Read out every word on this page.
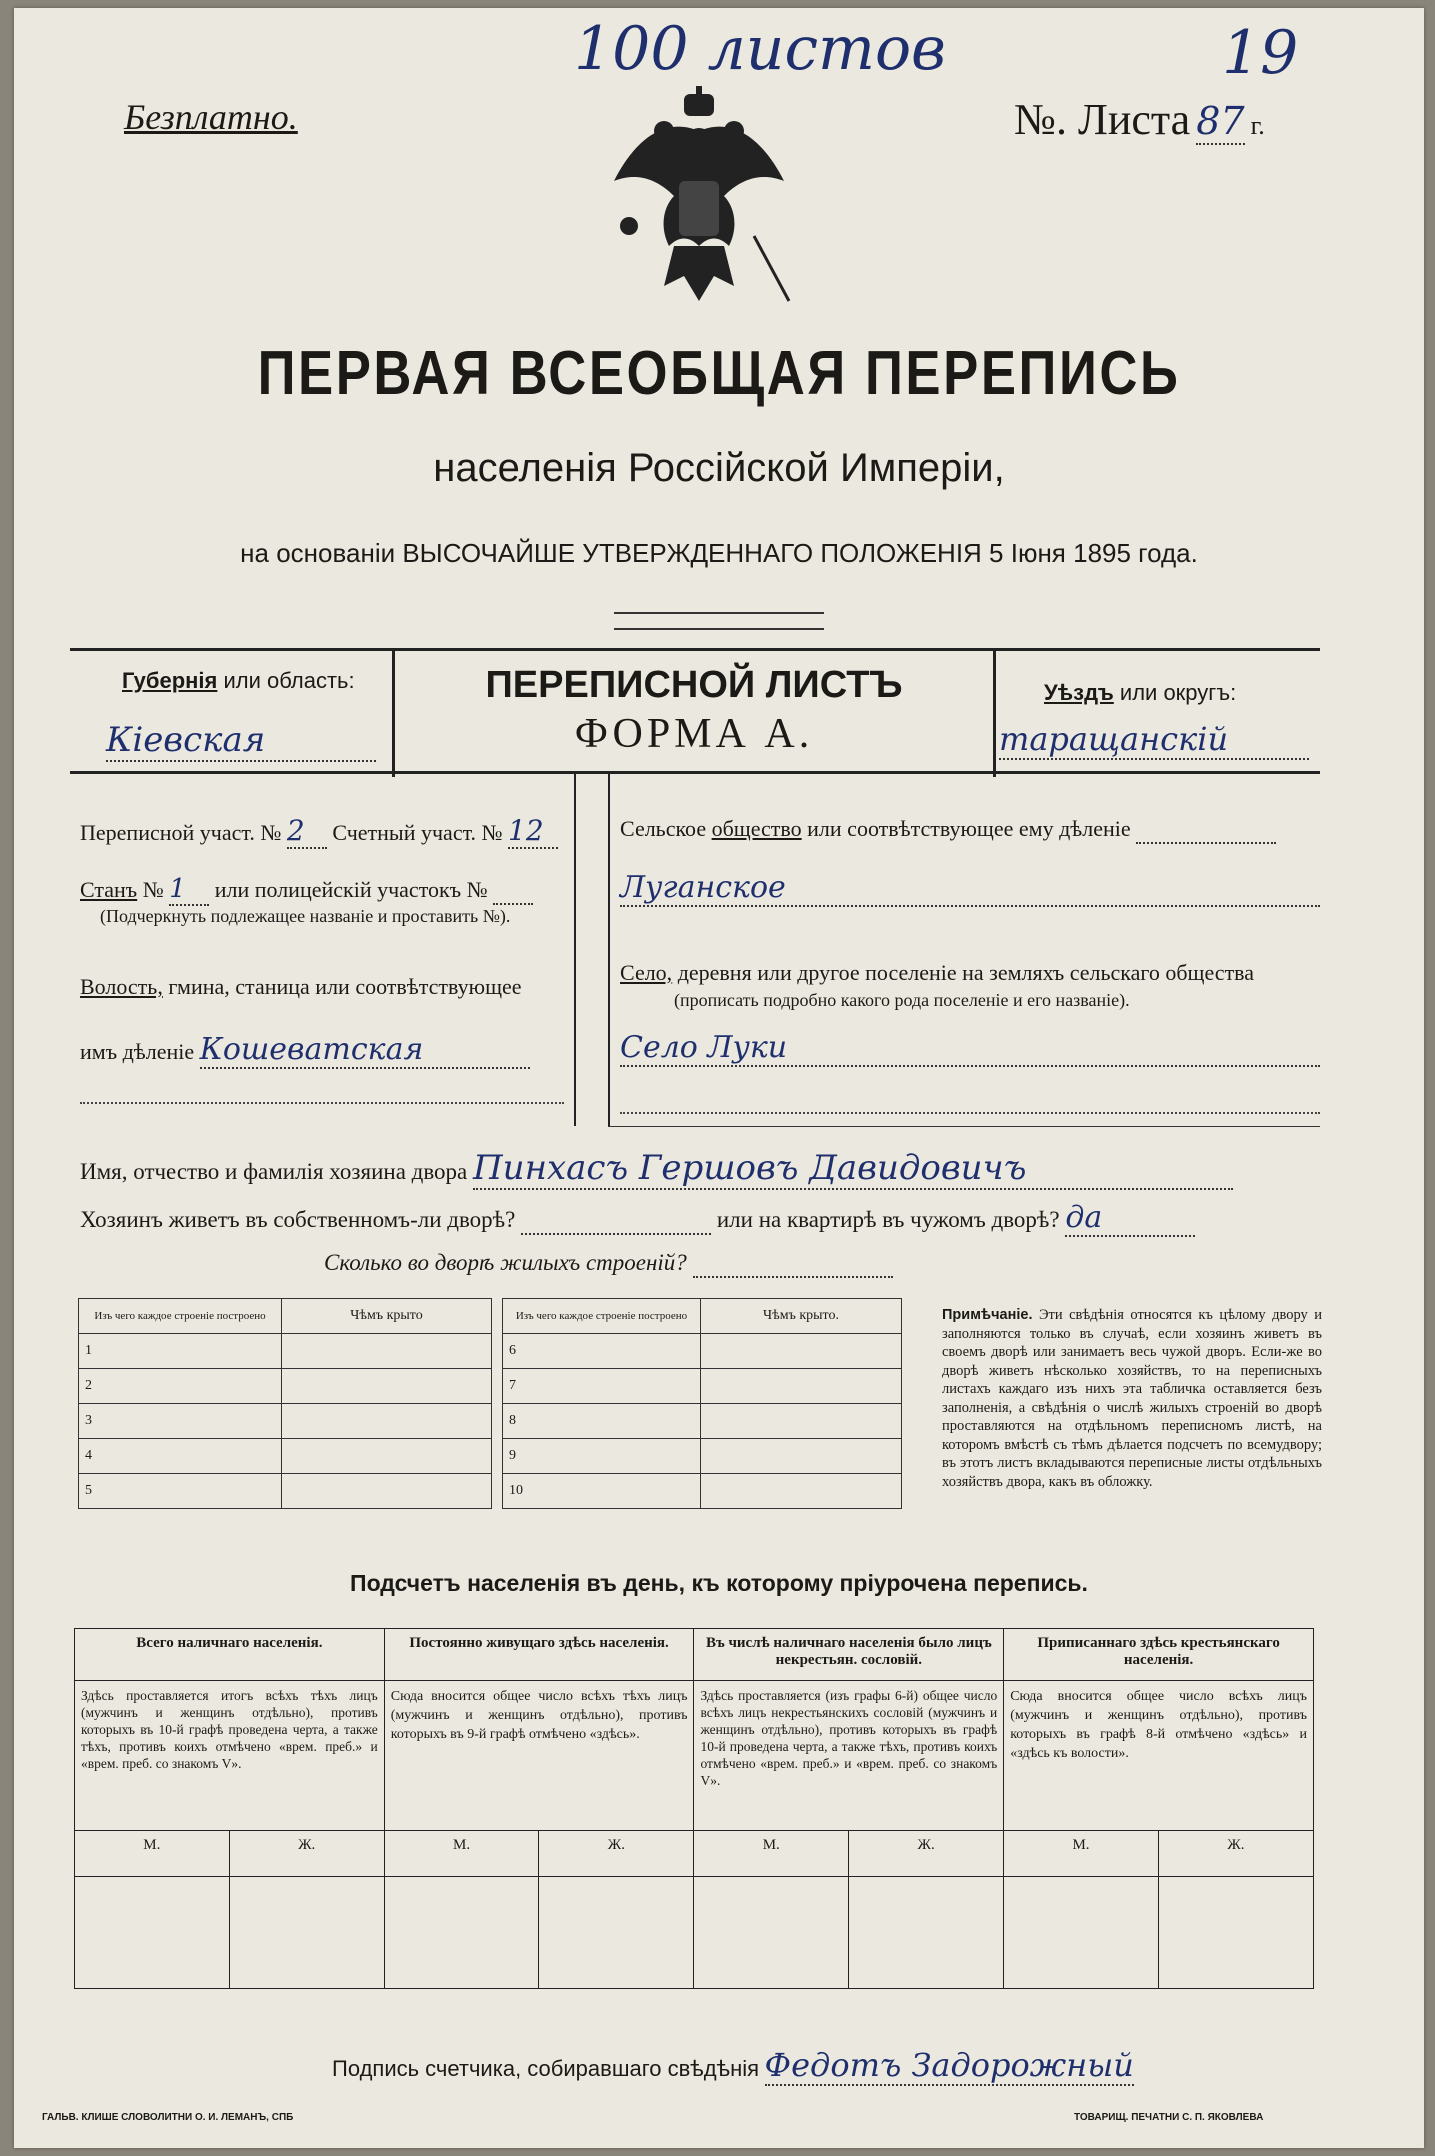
100 листов	19
Безплатно.	№. Листа 87 г.
ПЕРВАЯ ВСЕОБЩАЯ ПЕРЕПИСЬ
населенія Россійской Имперіи,
на основаніи ВЫСОЧАЙШЕ УТВЕРЖДЕННАГО ПОЛОЖЕНІЯ 5 Іюня 1895 года.
Губернія или область:
Кіевская
ПЕРЕПИСНОЙ ЛИСТЪ
ФОРМА А.
Уѣздъ или округъ:
таращанскій
Переписной участ. № 2 Счетный участ. № 12
Станъ № 1 или полицейскій участокъ №
(Подчеркнуть подлежащее названіе и проставить №).
Волость, гмина, станица или соотвѣтствующее
имъ дѣленіе Кошеватская
Сельское общество или соотвѣтствующее ему дѣленіе
Луганское
Село, деревня или другое поселеніе на земляхъ сельскаго общества
(прописать подробно какого рода поселеніе и его названіе).
Село Луки
Имя, отчество и фамилія хозяина двора Пинхасъ Гершовъ Давидовичъ
Хозяинъ живетъ въ собственномъ-ли дворѣ?	или на квартирѣ въ чужомъ дворѣ? да
Сколько во дворѣ жилыхъ строеній?
Изъ чего каждое строеніе построено	Чѣмъ крыто
1	
2	
3	
4	
5	
Изъ чего каждое строеніе построено	Чѣмъ крыто.
6	
7	
8	
9	
10	
Примѣчаніе. Эти свѣдѣнія относятся къ цѣлому двору и заполняются только въ случаѣ, если хозяинъ живетъ въ своемъ дворѣ или занимаетъ весь чужой дворъ. Если-же во дворѣ живетъ нѣсколько хозяйствъ, то на переписныхъ листахъ каждаго изъ нихъ эта табличка оставляется безъ заполненія, а свѣдѣнія о числѣ жилыхъ строеній во дворѣ проставляются на отдѣльномъ переписномъ листѣ, на которомъ вмѣстѣ съ тѣмъ дѣлается подсчетъ по всемудвору; въ этотъ листъ вкладываются переписные листы отдѣльныхъ хозяйствъ двора, какъ въ обложку.
Подсчетъ населенія въ день, къ которому пріурочена перепись.
Всего наличнаго населенія.		Постоянно живущаго здѣсь населенія.		Въ числѣ наличнаго населенія было лицъ некрестьян. сословій.		Приписаннаго здѣсь крестьянскаго населенія.	
Здѣсь проставляется итогъ всѣхъ тѣхъ лицъ (мужчинъ и женщинъ отдѣльно), противъ которыхъ въ 10-й графѣ проведена черта, а также тѣхъ, противъ коихъ отмѣчено «врем. преб.» и «врем. преб. со знакомъ V».		Сюда вносится общее число всѣхъ тѣхъ лицъ (мужчинъ и женщинъ отдѣльно), противъ которыхъ въ 9-й графѣ отмѣчено «здѣсь».		Здѣсь проставляется (изъ графы 6-й) общее число всѣхъ лицъ некрестьянскихъ сословій (мужчинъ и женщинъ отдѣльно), противъ которыхъ въ графѣ 10-й проведена черта, а также тѣхъ, противъ коихъ отмѣчено «врем. преб.» и «врем. преб. со знакомъ V».		Сюда вносится общее число всѣхъ лицъ (мужчинъ и женщинъ отдѣльно), противъ которыхъ въ графѣ 8-й отмѣчено «здѣсь» и «здѣсь къ волости».	
М.	Ж.	М.	Ж.	М.	Ж.	М.	Ж.

Подпись счетчика, собиравшаго свѣдѣнія Федотъ Задорожный
ГАЛЬВ. КЛИШЕ СЛОВОЛИТНИ О. И. ЛЕМАНЪ, СПБ	ТОВАРИЩ. ПЕЧАТНИ С. П. ЯКОВЛЕВА
